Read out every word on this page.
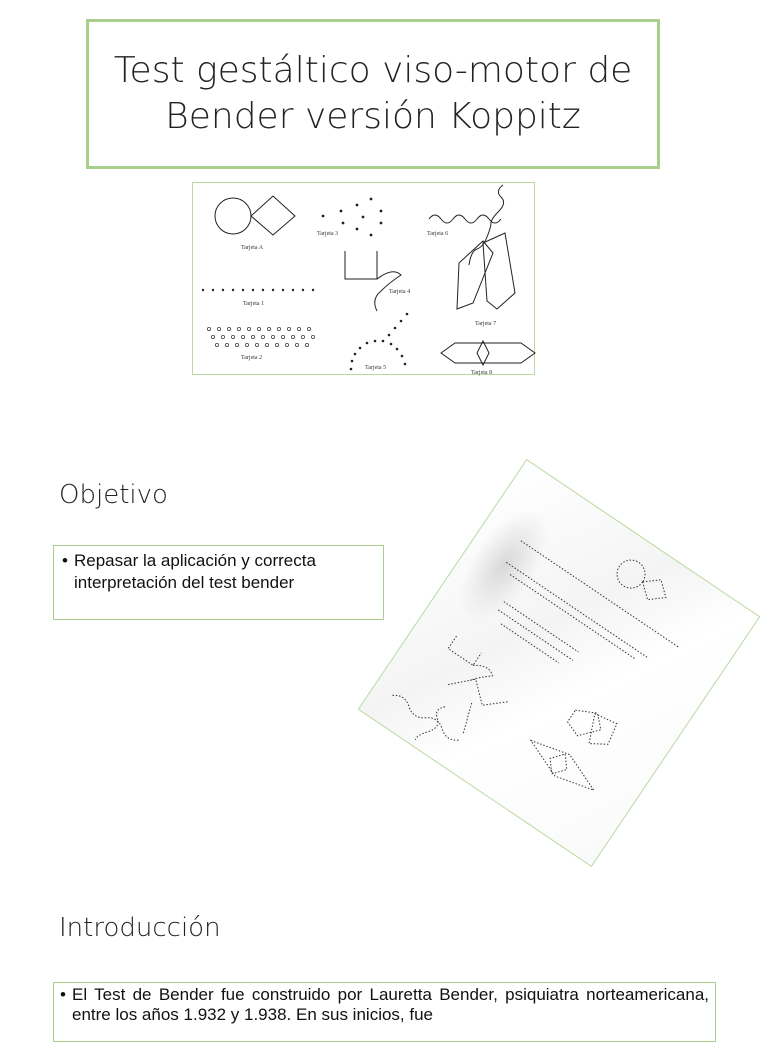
Test gestáltico viso-motor de
Bender versión Koppitz
Tarjeta A
Tarjeta 3	Tarjeta 6
Tarjeta 4
Tarjeta 1
Tarjeta 7
Tarjeta 2
Tarjeta 5
Tarjeta 8
Objetivo
• Repasar la aplicación y correcta interpretación del test bender
Introducción
• El Test de Bender fue construido por Lauretta Bender, psiquiatra norteamericana, entre los años 1.932 y 1.938. En sus inicios, fue
